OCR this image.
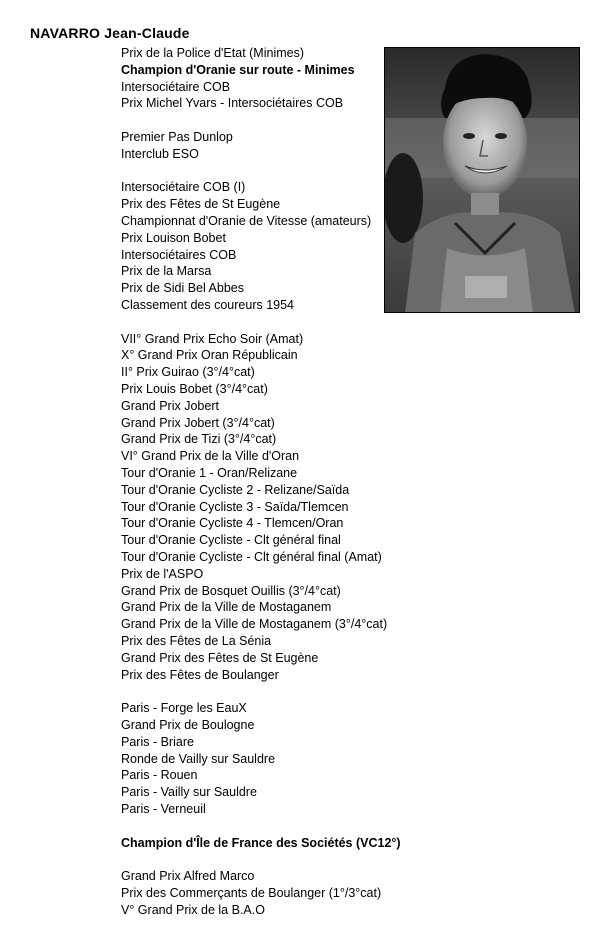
NAVARRO Jean-Claude
Prix de la Police d'Etat (Minimes)
Champion d'Oranie sur route - Minimes
Intersociétaire COB
Prix Michel Yvars - Intersociétaires COB
Premier Pas Dunlop
Interclub ESO
Intersociétaire COB (I)
Prix des Fêtes de St Eugène
Championnat d'Oranie de Vitesse (amateurs)
Prix Louison Bobet
Intersociétaires COB
Prix de la Marsa
Prix de Sidi Bel Abbes
Classement des coureurs 1954
VII° Grand Prix Echo Soir (Amat)
X° Grand Prix Oran Républicain
II° Prix Guirao (3°/4°cat)
Prix Louis Bobet (3°/4°cat)
Grand Prix Jobert
Grand Prix Jobert (3°/4°cat)
Grand Prix de Tizi (3°/4°cat)
VI° Grand Prix de la Ville d'Oran
Tour d'Oranie 1 - Oran/Relizane
Tour d'Oranie Cycliste 2 - Relizane/Saïda
Tour d'Oranie Cycliste 3 - Saïda/Tlemcen
Tour d'Oranie Cycliste 4 - Tlemcen/Oran
Tour d'Oranie Cycliste - Clt général final
Tour d'Oranie Cycliste - Clt général final (Amat)
Prix de l'ASPO
Grand Prix de Bosquet Ouillis (3°/4°cat)
Grand Prix de la Ville de Mostaganem
Grand Prix de la Ville de Mostaganem (3°/4°cat)
Prix des Fêtes de La Sénia
Grand Prix des Fêtes de St Eugène
Prix des Fêtes de Boulanger
Paris - Forge les EauX
Grand Prix de Boulogne
Paris - Briare
Ronde de Vailly sur Sauldre
Paris - Rouen
Paris - Vailly sur Sauldre
Paris - Verneuil
Champion d'Île de France des Sociétés (VC12°)
Grand Prix Alfred Marco
Prix des Commerçants de Boulanger (1°/3°cat)
V° Grand Prix de la B.A.O
